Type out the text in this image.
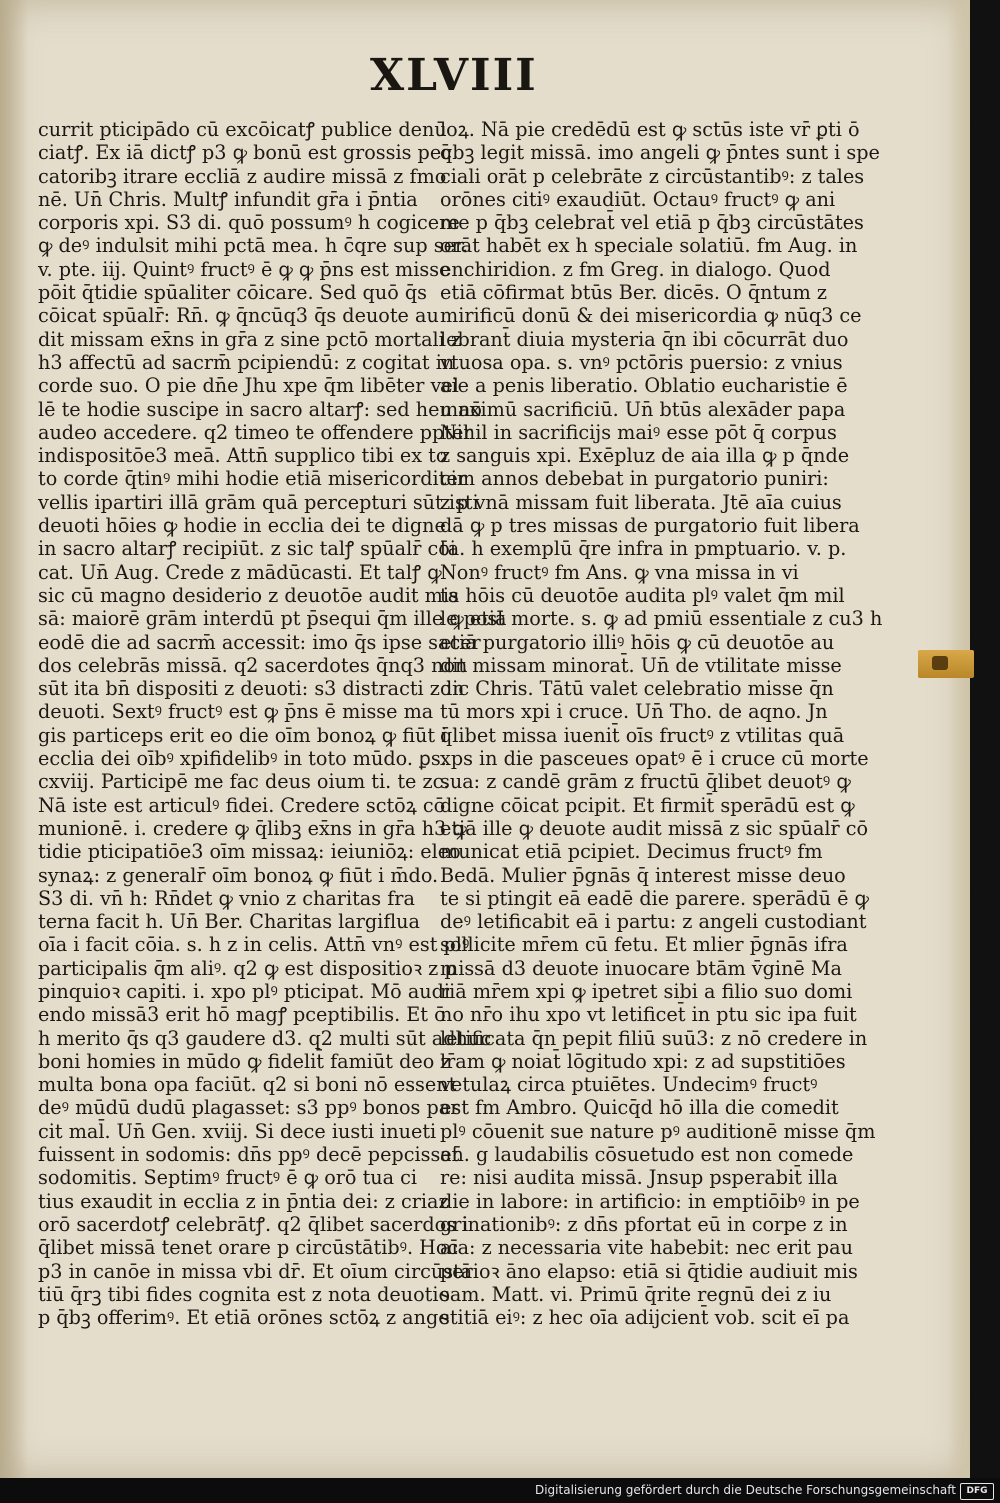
XLVIII
currit pticipādo cū excōicatꝭ publice denū
ciatꝭ. Ex iā dictꝭ p3 ꝙ bonū est grossis pec
catoribꝫ itrare eccliā z audire missā z fmo
nē. Un̄ Chris. Multꝭ infundit gr̄a i p̄ntia
corporis xpi. S3 di. quō possumꝰ h cogicere
ꝙ deꝰ indulsit mihi pctā mea. h c̄qre sup ser.
v. pte. iij. Quintꝰ fructꝰ ē ꝙ ꝙ p̄ns est misse
pōit q̄tidie spūaliter cōicare. Sed quō q̄s
cōicat spūalr̄: Rn̄. ꝙ q̄ncūq3 q̄s deuote au
dit missam ex̄ns in gr̄a z sine pctō mortali z
h3 affectū ad sacrm̄ pcipiendū: z cogitat in
corde suo. O pie dn̄e Jhu xpe q̄m libēter vel
lē te hodie suscipe in sacro altarꝭ: sed heu nō
audeo accedere. q2 timeo te offendere ppter
indispositōe3 meā. Attn̄ supplico tibi ex to
to corde q̄tinꝰ mihi hodie etiā misericorditer
vellis ipartiri illā grām quā percepturi sūt isti
deuoti hōies ꝙ hodie in ecclia dei te digne
in sacro altarꝭ recipiūt. z sic talꝭ spūalr̄ cōi
cat. Un̄ Aug. Crede z mādūcasti. Et talꝭ ꝙ
sic cū magno desiderio z deuotōe audit mis
sā: maiorē grām interdū pt p̄sequi q̄m ille ꝙ etiā
eodē die ad sacrm̄ accessit: imo q̄s ipse sacer
dos celebrās missā. q2 sacerdotes q̄nq3 non
sūt ita bn̄ dispositi z deuoti: s3 distracti z in
deuoti. Sextꝰ fructꝰ est ꝙ p̄ns ē misse ma
gis particeps erit eo die oīm bonoꝝ ꝙ fiūt i
ecclia dei oībꝰ xpifidelibꝰ in toto mūdo. ꝑs.
cxviij. Participē me fac deus oium ti. te zc.
Nā iste est articulꝰ fidei. Credere sctōꝝ cō
munionē. i. credere ꝙ q̄libꝫ ex̄ns in gr̄a h3 ꝙ
tidie pticipatiōe3 oīm missaꝝ: ieiuniōꝝ: eleo
synaꝝ: z generalr̄ oīm bonoꝝ ꝙ fiūt i m̄do.
S3 di. vn̄ h: Rn̄det ꝙ vnio z charitas fra
terna facit h. Un̄ Ber. Charitas largiflua
oīa i facit cōia. s. h z in celis. Attn̄ vnꝰ est plꝰ
participalis q̄m aliꝰ. q2 ꝙ est dispositioꝛ z p
pinquioꝛ capiti. i. xpo plꝰ pticipat. Mō audi
endo missā3 erit hō magꝭ pceptibilis. Et ō
h merito q̄s q3 gaudere d3. q2 multi sūt adhuc
boni homies in mūdo ꝙ fidelit̄ famiūt deo z
multa bona opa faciūt. q2 si boni nō essent
deꝰ mūdū dudū plagasset: s3 ppꝰ bonos par
cit mal̄. Un̄ Gen. xviij. Si dece iusti inueti
fuissent in sodomis: dn̄s ppꝰ decē pepcisset
sodomitis. Septimꝰ fructꝰ ē ꝙ orō tua ci
tius exaudit in ecclia z in p̄ntia dei: z criaz
orō sacerdotꝭ celebrātꝭ. q2 q̄libet sacerdos i
q̄libet missā tenet orare p circūstātibꝰ. Hoc
p3 in canōe in missa vbi dr̄. Et oīum circūstā
tiū q̄rꝫ tibi fides cognita est z nota deuotio
p q̄bꝫ offerimꝰ. Et etiā orōnes sctōꝝ z ange
loꝝ. Nā pie credēdū est ꝙ sctūs iste vr̄ ꝑti ō
q̄bꝫ legit missā. imo angeli ꝙ p̄ntes sunt i spe
ciali orāt p celebrāte z circūstantibꝰ: z tales
orōnes citiꝰ exaudiūt. Octauꝰ fructꝰ ꝙ ani
me p q̄bꝫ celebrat̄ vel etiā p q̄bꝫ circūstātes
orāt habēt ex h speciale solatiū. fm Aug. in
enchiridion. z fm Greg. in dialogo. Quod
etiā cōfirmat btūs Ber. dicēs. O q̄ntum z
mirificū donū & dei misericordia ꝙ nūq3 ce
lebrant̄ diuia mysteria q̄n ibi cōcurrāt duo
vtuosa opa. s. vnꝰ pctōris puersio: z vnius
aie a penis liberatio. Oblatio eucharistie ē
maximū sacrificiū. Un̄ btūs alexāder papa
Nihil in sacrificijs maiꝰ esse pōt q̄ corpus
z sanguis xpi. Exēpluz de aia illa ꝙ p q̄nde
cim annos debebat in purgatorio puniri:
z p vnā missam fuit liberata. Jtē aīa cuius
dā ꝙ p tres missas de purgatorio fuit libera
ta. h exemplū q̄re infra in pmptuario. v. p.
Nonꝰ fructꝰ fm Ans. ꝙ vna missa in vi
ta hōis cū deuotōe audita plꝰ valet q̄m mil
le post morte. s. ꝙ ad pmiū essentiale z cu3 h
etiā purgatorio illiꝰ hōis ꝙ cū deuotōe au
dit missam minorat̄. Un̄ de vtilitate misse
dic Chris. Tātū valet celebratio misse q̄n
tū mors xpi i cruce. Un̄ Tho. de aqno. Jn
q̄libet missa iuenit̄ oīs fructꝰ z vtilitas quā
xps in die pasceues opatꝰ ē i cruce cū morte
sua: z candē grām z fructū q̄libet deuotꝰ ꝙ
digne cōicat pcipit. Et firmit̄ sperādū est ꝙ
etiā ille ꝙ deuote audit missā z sic spūalr̄ cō
municat etiā pcipiet. Decimus fructꝰ fm
Bedā. Mulier p̄gnās q̄ interest misse deuo
te si ptingit eā eadē die parere. sperādū ē ꝙ
deꝰ letificabit eā i partu: z angeli custodiant
sollicite mr̄em cū fetu. Et mlier p̄gnās ifra
missā d3 deuote inuocare btām v̄ginē Ma
riā mr̄em xpi ꝙ ipetret sibi a filio suo domi
no nr̄o ihu xpo vt letificet̄ in ptu sic ipa fuit
letificata q̄n pepit filiū suū3: z nō credere in
lr̄am ꝙ noiat̄ lōgitudo xpi: z ad supstitiōes
vetulaꝝ circa ptuiētes. Undecimꝰ fructꝰ
est fm Ambro. Quicq̄d hō illa die comedit
plꝰ cōuenit sue nature pꝰ auditionē misse q̄m
an̄. g laudabilis cōsuetudo est non comede
re: nisi audita missā. Jnsup psperabit̄ illa
die in labore: in artificio: in emptiōibꝰ in pe
grinationibꝰ: z dn̄s pfortat eū in corpe z in
aīa: z necessaria vite habebit: nec erit pau
perioꝛ āno elapso: etiā si q̄tidie audiuit mis
sam. Matt. vi. Primū q̄rite regnū dei z iu
stitiā eiꝰ: z hec oīa adijcient̄ vob. scit eī pa
Digitalisierung gefördert durch die Deutsche Forschungsgemeinschaft	DFG
